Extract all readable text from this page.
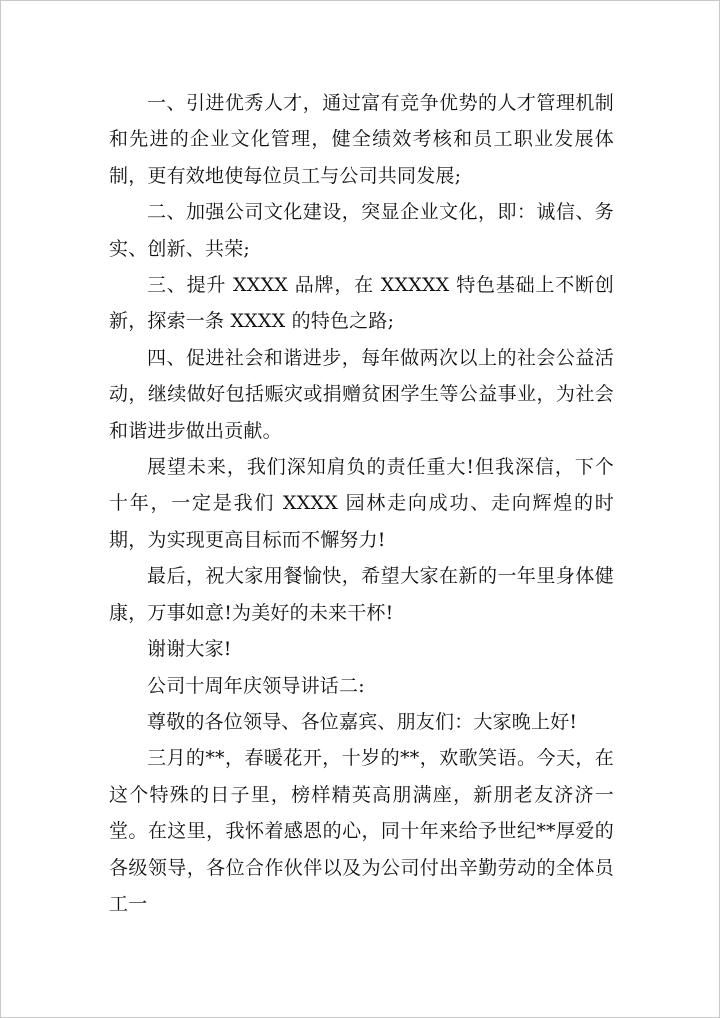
一、引进优秀人才，通过富有竞争优势的人才管理机制和先进的企业文化管理，健全绩效考核和员工职业发展体制，更有效地使每位员工与公司共同发展;

二、加强公司文化建设，突显企业文化，即：诚信、务实、创新、共荣;

三、提升 XXXX 品牌，在 XXXXX 特色基础上不断创新，探索一条 XXXX 的特色之路;

四、促进社会和谐进步，每年做两次以上的社会公益活动，继续做好包括赈灾或捐赠贫困学生等公益事业，为社会和谐进步做出贡献。

展望未来，我们深知肩负的责任重大!但我深信，下个十年，一定是我们 XXXX 园林走向成功、走向辉煌的时期，为实现更高目标而不懈努力!

最后，祝大家用餐愉快，希望大家在新的一年里身体健康，万事如意!为美好的未来干杯!

谢谢大家!

公司十周年庆领导讲话二:

尊敬的各位领导、各位嘉宾、朋友们：大家晚上好!

三月的**，春暖花开，十岁的**，欢歌笑语。今天，在这个特殊的日子里，榜样精英高朋满座，新朋老友济济一堂。在这里，我怀着感恩的心，同十年来给予世纪**厚爱的各级领导，各位合作伙伴以及为公司付出辛勤劳动的全体员工一
